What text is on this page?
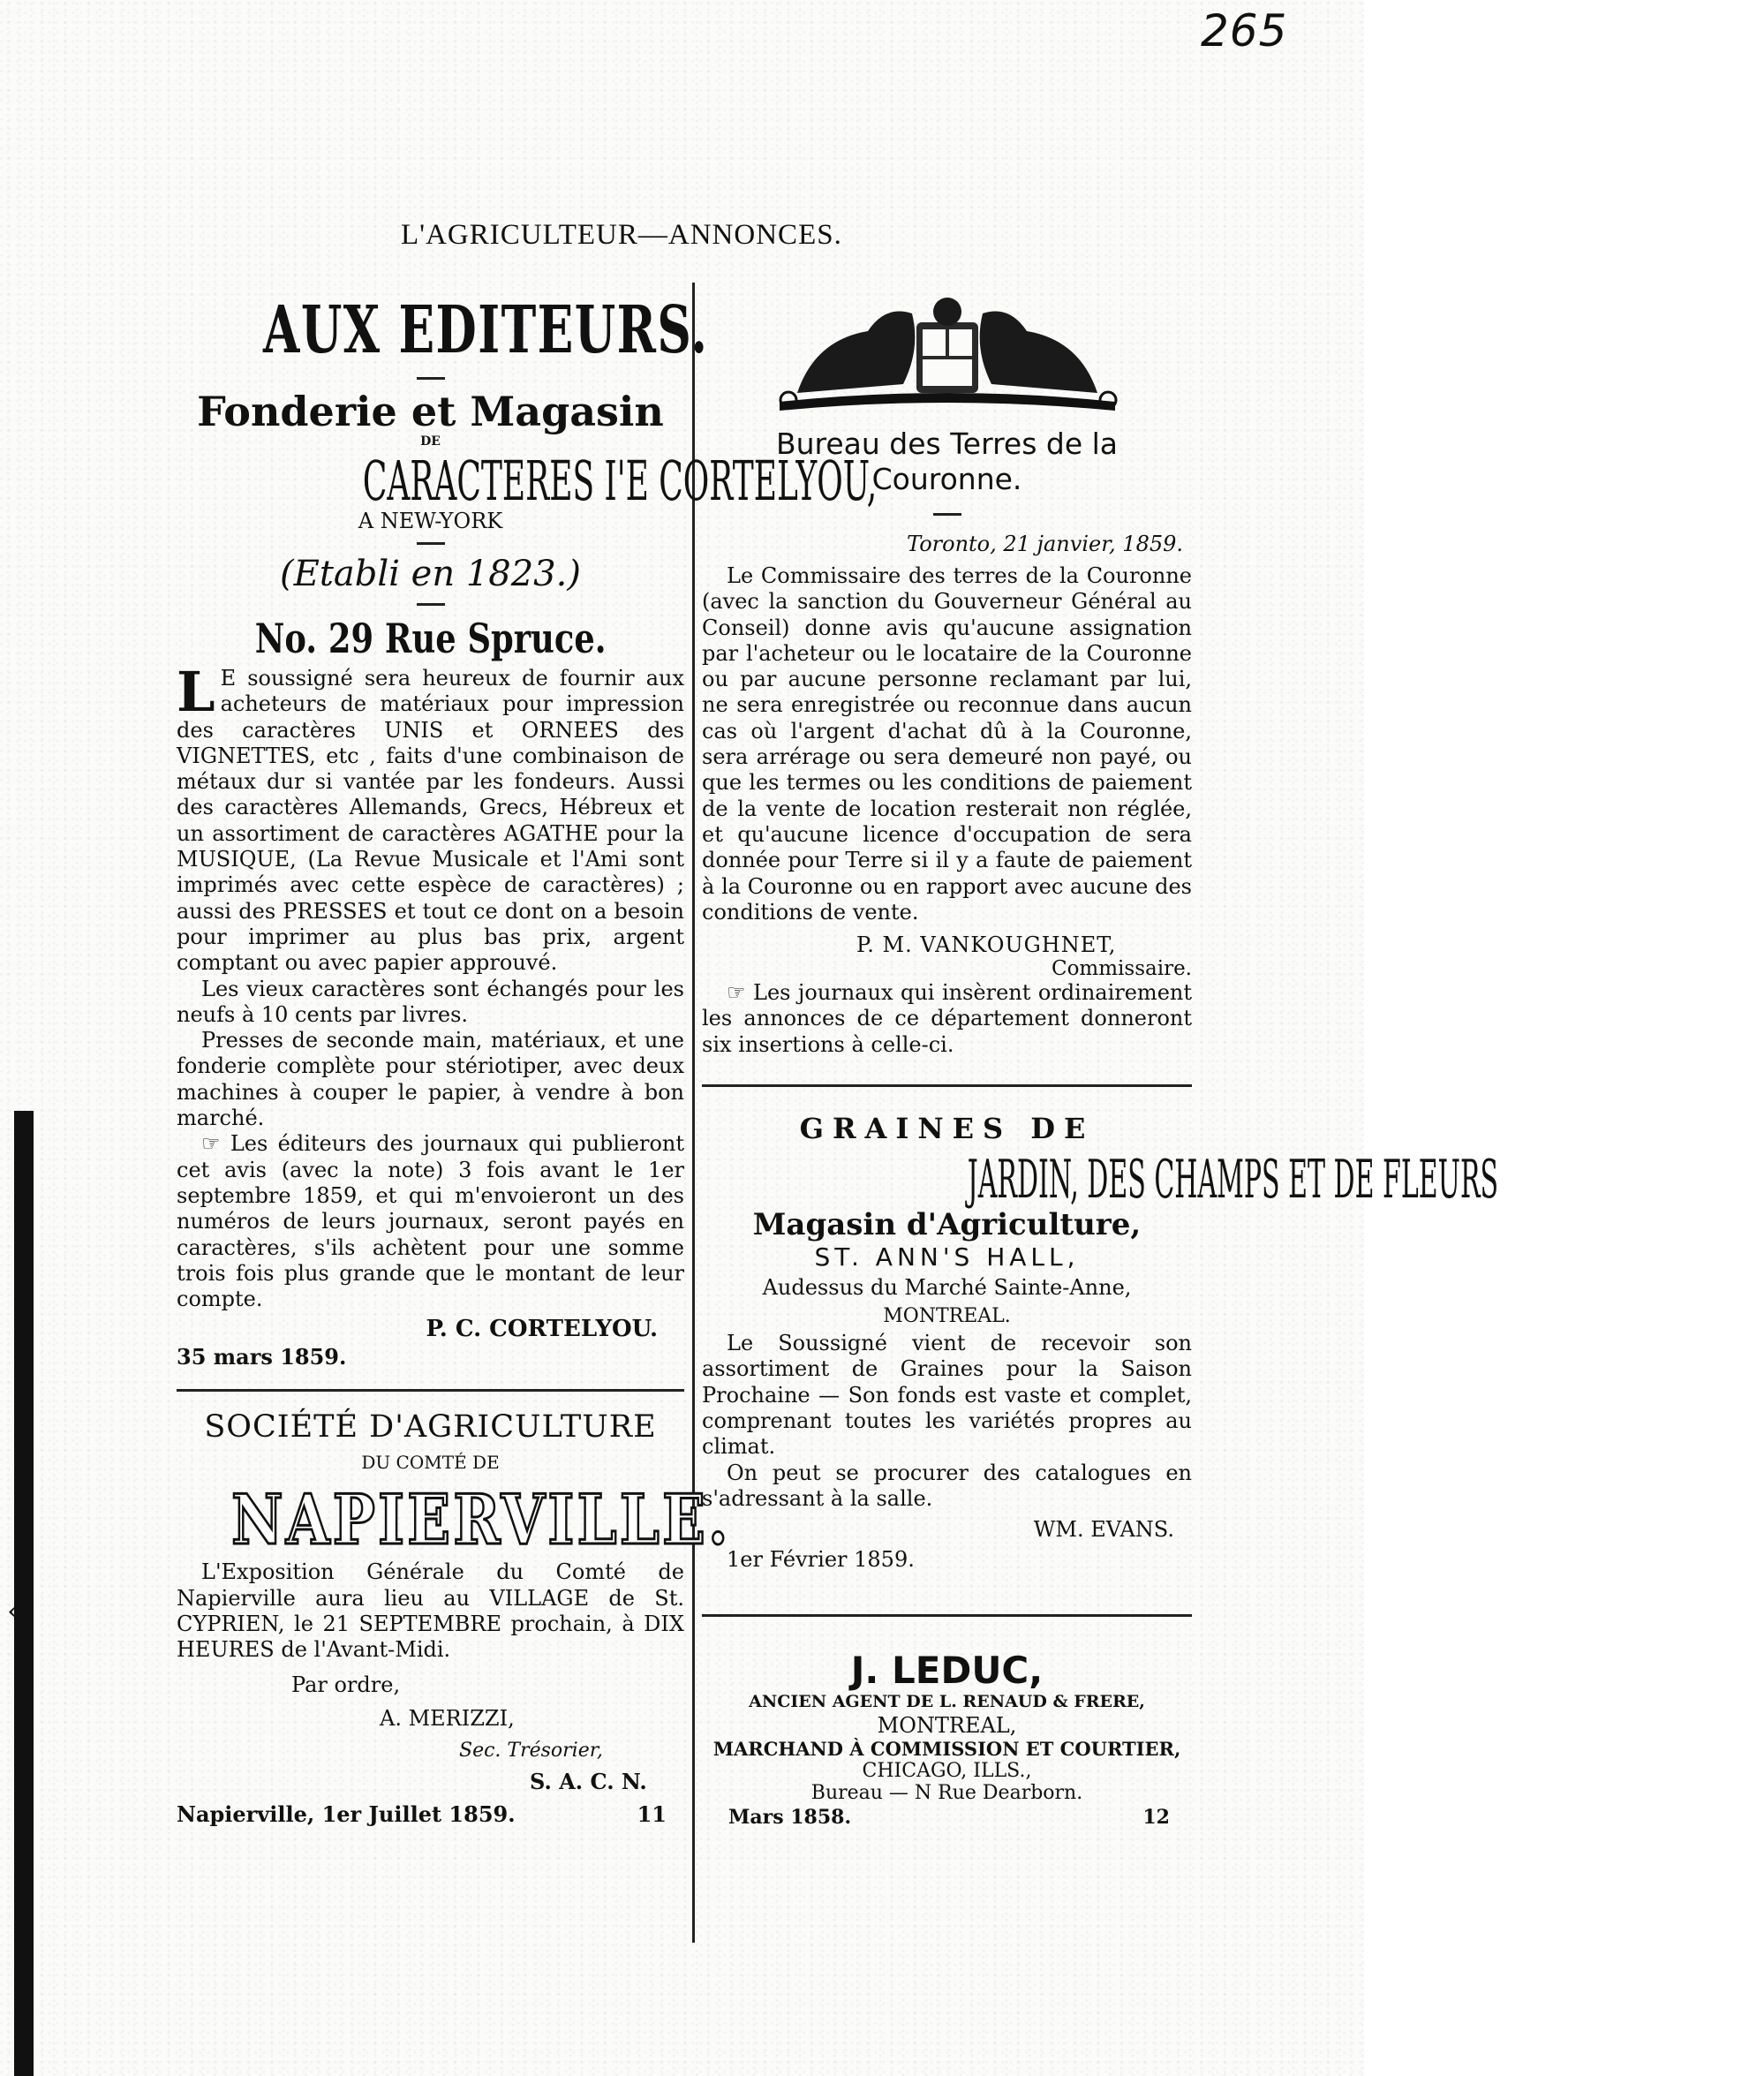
265
‹
L'AGRICULTEUR—ANNONCES.
AUX EDITEURS.
Fonderie et Magasin
DE
CARACTERES I'E CORTELYOU,
A NEW-YORK
(Etabli en 1823.)
No. 29 Rue Spruce.

L E soussigné sera heureux de fournir aux acheteurs de matériaux pour impression des caractères UNIS et ORNEES des VIGNETTES, etc , faits d'une combinaison de métaux dur si vantée par les fondeurs. Aussi des caractères Allemands, Grecs, Hébreux et un assortiment de caractères AGATHE pour la MUSIQUE, (La Revue Musicale et l'Ami sont imprimés avec cette espèce de caractères) ; aussi des PRESSES et tout ce dont on a besoin pour imprimer au plus bas prix, argent comptant ou avec papier approuvé.

Les vieux caractères sont échangés pour les neufs à 10 cents par livres.

Presses de seconde main, matériaux, et une fonderie complète pour stériotiper, avec deux machines à couper le papier, à vendre à bon marché.

☞ Les éditeurs des journaux qui publieront cet avis (avec la note) 3 fois avant le 1er septembre 1859, et qui m'envoieront un des numéros de leurs journaux, seront payés en caractères, s'ils achètent pour une somme trois fois plus grande que le montant de leur compte.

P. C. CORTELYOU.
35 mars 1859.
SOCIÉTÉ D'AGRICULTURE
DU COMTÉ DE
NAPIERVILLE.
L'Exposition Générale du Comté de Napierville aura lieu au VILLAGE de St. CYPRIEN, le 21 SEPTEMBRE prochain, à DIX HEURES de l'Avant-Midi.
Par ordre,
A. MERIZZI,
Sec. Trésorier,
S. A. C. N.
Napierville, 1er Juillet 1859.	11
Bureau des Terres de la Couronne.
Toronto, 21 janvier, 1859.
Le Commissaire des terres de la Couronne (avec la sanction du Gouverneur Général au Conseil) donne avis qu'aucune assignation par l'acheteur ou le locataire de la Couronne ou par aucune personne reclamant par lui, ne sera enregistrée ou reconnue dans aucun cas où l'argent d'achat dû à la Couronne, sera arrérage ou sera demeuré non payé, ou que les termes ou les conditions de paiement de la vente de location resterait non réglée, et qu'aucune licence d'occupation de sera donnée pour Terre si il y a faute de paiement à la Couronne ou en rapport avec aucune des conditions de vente.
P. M. VANKOUGHNET,
Commissaire.
☞ Les journaux qui insèrent ordinairement les annonces de ce département donneront six insertions à celle-ci.
GRAINES DE
JARDIN, DES CHAMPS ET DE FLEURS
Magasin d'Agriculture,
ST. ANN'S HALL,
Audessus du Marché Sainte-Anne,
MONTREAL.
Le Soussigné vient de recevoir son assortiment de Graines pour la Saison Prochaine — Son fonds est vaste et complet, comprenant toutes les variétés propres au climat.
On peut se procurer des catalogues en s'adressant à la salle.
WM. EVANS.
1er Février 1859.
J. LEDUC,
ANCIEN AGENT DE L. RENAUD & FRERE,
MONTREAL,
MARCHAND À COMMISSION ET COURTIER,
CHICAGO, ILLS.,
Bureau — N Rue Dearborn.
Mars 1858.	12
